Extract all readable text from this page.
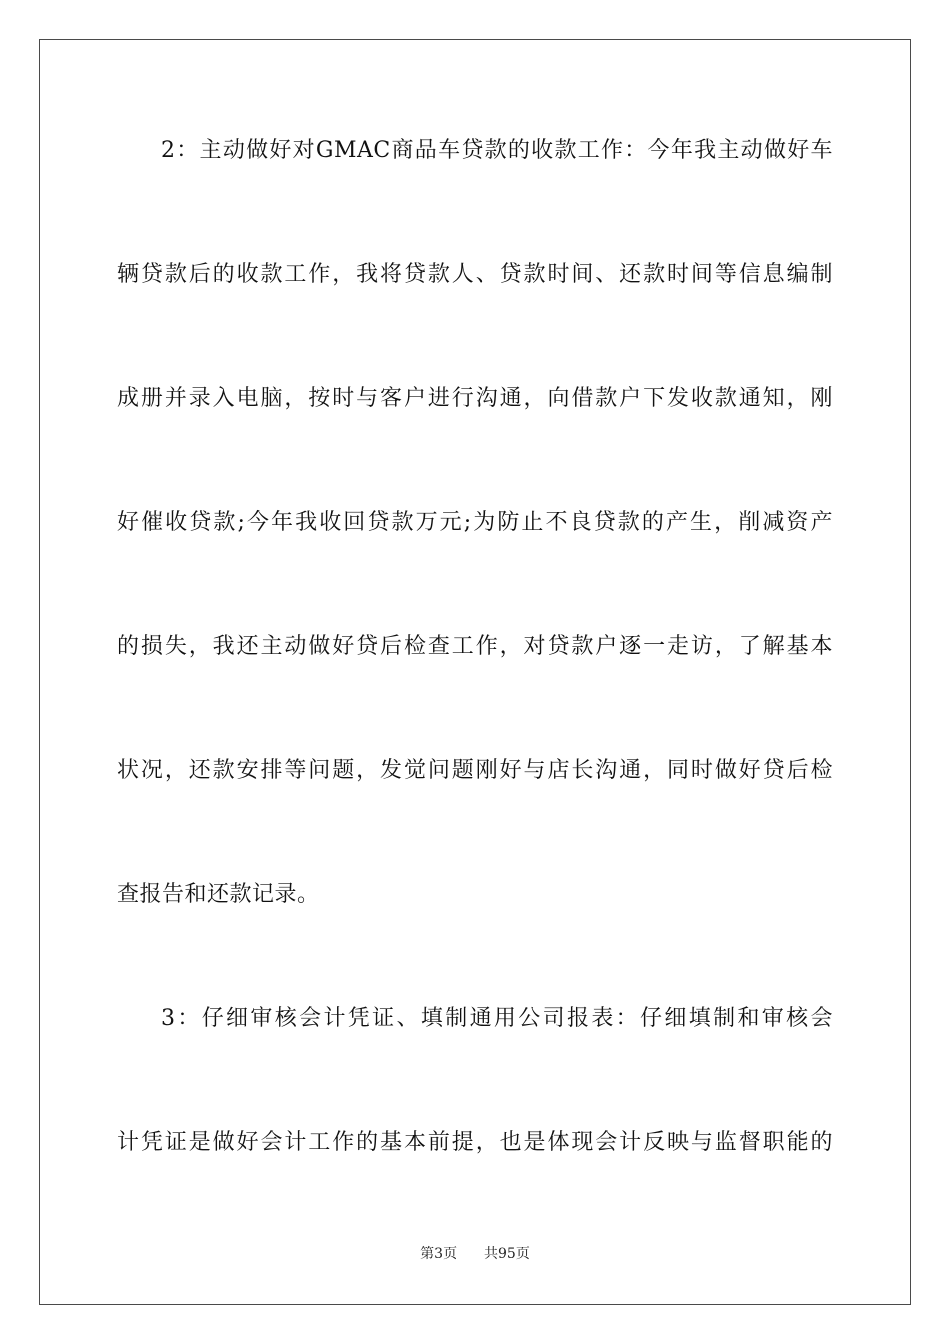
2：主动做好对GMAC商品车贷款的收款工作：今年我主动做好车
辆贷款后的收款工作，我将贷款人、贷款时间、还款时间等信息编制
成册并录入电脑，按时与客户进行沟通，向借款户下发收款通知，刚
好催收贷款;今年我收回贷款万元;为防止不良贷款的产生，削减资产
的损失，我还主动做好贷后检查工作，对贷款户逐一走访，了解基本
状况，还款安排等问题，发觉问题刚好与店长沟通，同时做好贷后检
查报告和还款记录。
3：仔细审核会计凭证、填制通用公司报表：仔细填制和审核会
计凭证是做好会计工作的基本前提，也是体现会计反映与监督职能的
第3页 共95页
